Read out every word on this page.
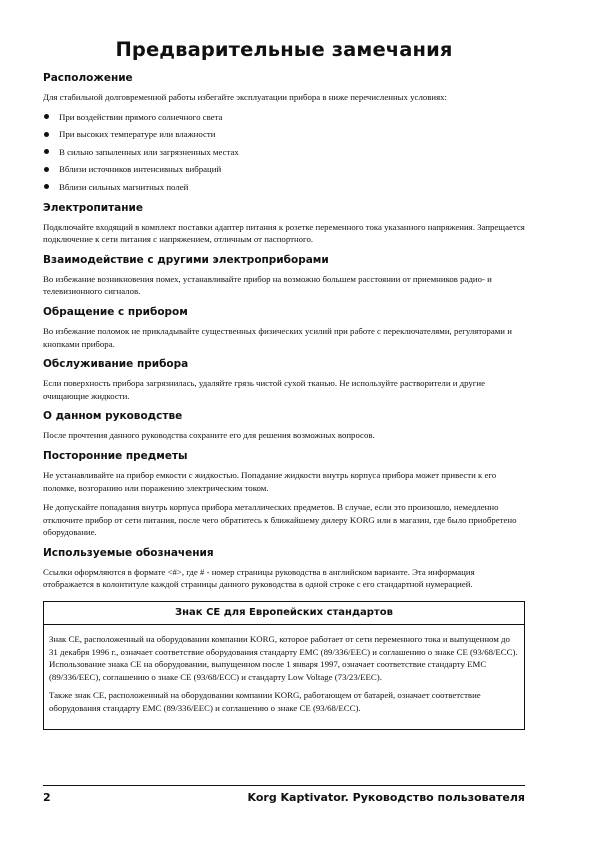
Предварительные замечания
Расположение

Для стабильной долговременной работы избегайте эксплуатации прибора в ниже перечисленных условиях:

При воздействии прямого солнечного света
При высоких температуре или влажности
В сильно запыленных или загрязненных местах
Вблизи источников интенсивных вибраций
Вблизи сильных магнитных полей
Электропитание

Подключайте входящий в комплект поставки адаптер питания к розетке переменного тока указанного напряжения. Запрещается подключение к сети питания с напряжением, отличным от паспортного.

Взаимодействие с другими электроприборами

Во избежание возникновения помех, устанавливайте прибор на возможно большем расстоянии от приемников радио- и телевизионного сигналов.

Обращение с прибором

Во избежание поломок не прикладывайте существенных физических усилий при работе с переключателями, регуляторами и кнопками прибора.

Обслуживание прибора

Если поверхность прибора загрязнилась, удаляйте грязь чистой сухой тканью. Не используйте растворители и другие очищающие жидкости.

О данном руководстве

После прочтения данного руководства сохраните его для решения возможных вопросов.

Посторонние предметы

Не устанавливайте на прибор емкости с жидкостью. Попадание жидкости внутрь корпуса прибора может привести к его поломке, возгоранию или поражению электрическим током.

Не допускайте попадания внутрь корпуса прибора металлических предметов. В случае, если это произошло, немедленно отключите прибор от сети питания, после чего обратитесь к ближайшему дилеру KORG или в магазин, где было приобретено оборудование.

Используемые обозначения

Ссылки оформляются в формате <#>, где # - номер страницы руководства в английском варианте. Эта информация отображается в колонтитуле каждой страницы данного руководства в одной строке с его стандартной нумерацией.

Знак CE для Европейских стандартов

Знак CE, расположенный на оборудовании компании KORG, которое работает от сети переменного тока и выпущенном до 31 декабря 1996 г., означает соответствие оборудования стандарту EMC (89/336/EEC) и соглашению о знаке CE (93/68/ECC). Использование знака CE на оборудовании, выпущенном после 1 января 1997, означает соответствие стандарту EMC (89/336/EEC), соглашению о знаке CE (93/68/ECC) и стандарту Low Voltage (73/23/EEC).

Также знак CE, расположенный на оборудовании компании KORG, работающем от батарей, означает соответствие оборудования стандарту EMC (89/336/EEC) и соглашению о знаке CE (93/68/ECC).

2	Korg Kaptivator. Руководство пользователя
